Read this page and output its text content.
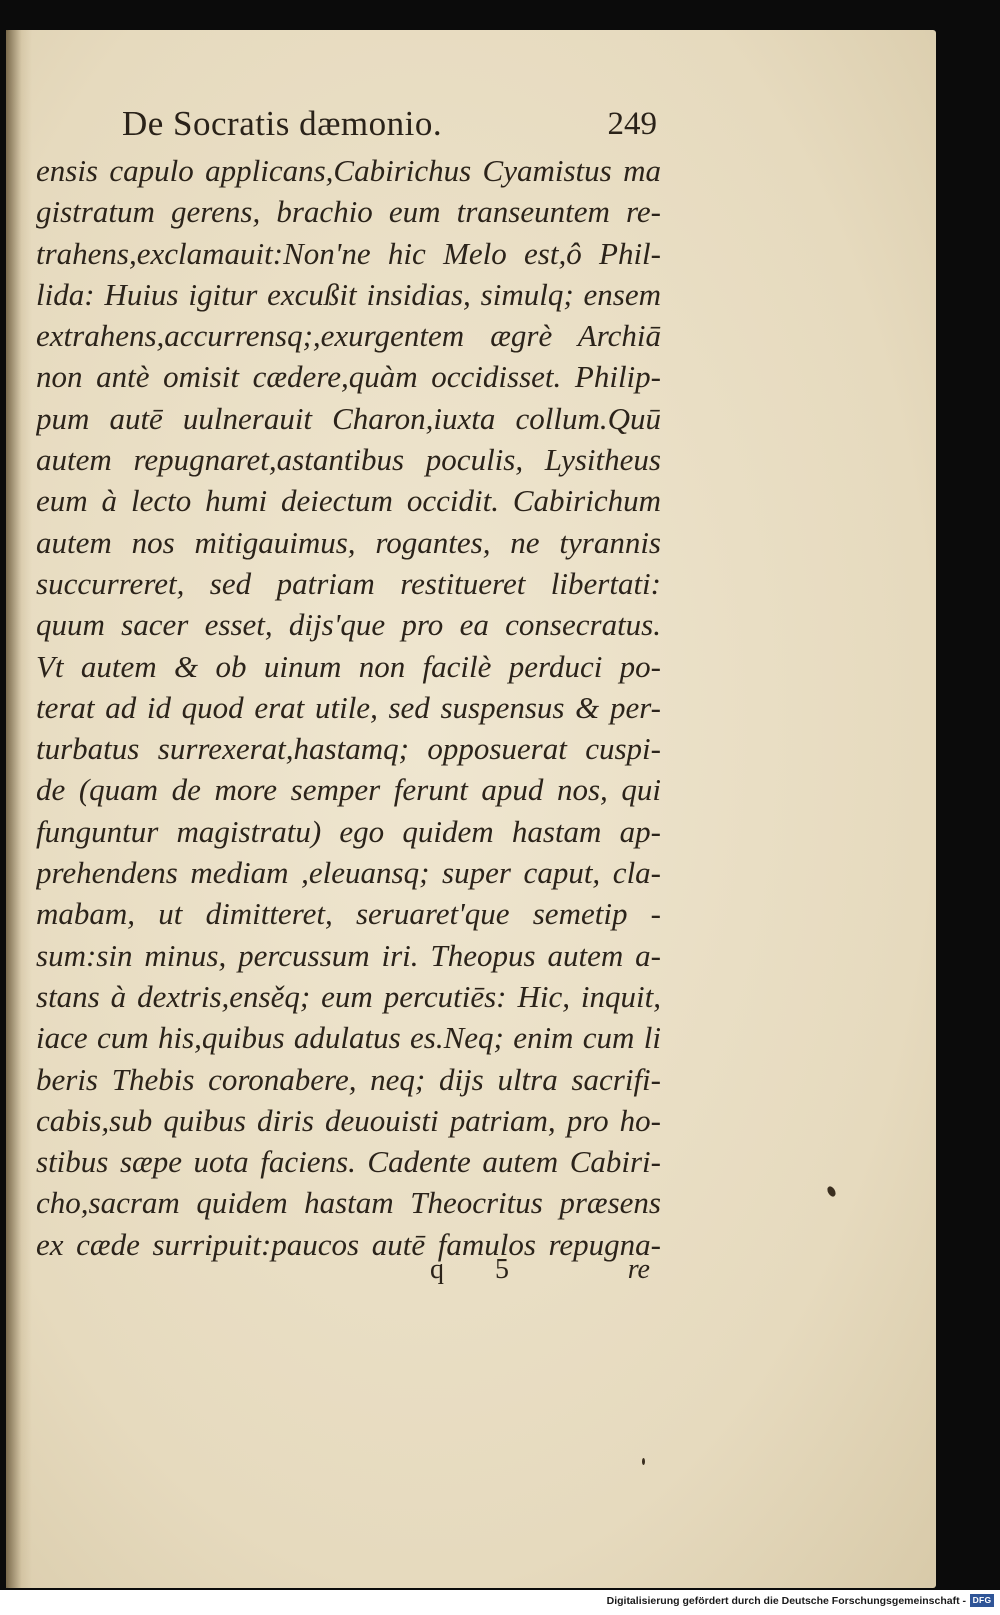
De Socratis dæmonio.	249
ensis capulo applicans,Cabirichus Cyamistus ma
gistratum gerens, brachio eum transeuntem re-
trahens,exclamauit:Non'ne hic Melo est,ô Phil-
lida: Huius igitur excußit insidias, simulq; ensem
extrahens,accurrensq;,exurgentem ægrè Archiā
non antè omisit cædere,quàm occidisset. Philip-
pum autē uulnerauit Charon,iuxta collum.Quū
autem repugnaret,astantibus poculis, Lysitheus
eum à lecto humi deiectum occidit. Cabirichum
autem nos mitigauimus, rogantes, ne tyrannis
succurreret, sed patriam restitueret libertati:
quum sacer esset, dijs'que pro ea consecratus.
Vt autem & ob uinum non facilè perduci po-
terat ad id quod erat utile, sed suspensus & per-
turbatus surrexerat,hastamq; opposuerat cuspi-
de (quam de more semper ferunt apud nos, qui
funguntur magistratu) ego quidem hastam ap-
prehendens mediam ,eleuansq; super caput, cla-
mabam, ut dimitteret, seruaret'que semetip -
sum:sin minus, percussum iri. Theopus autem a-
stans à dextris,ensěq; eum percutiēs: Hic, inquit,
iace cum his,quibus adulatus es.Neq; enim cum li
beris Thebis coronabere, neq; dijs ultra sacrifi-
cabis,sub quibus diris deuouisti patriam, pro ho-
stibus sæpe uota faciens. Cadente autem Cabiri-
cho,sacram quidem hastam Theocritus præsens
ex cæde surripuit:paucos autē famulos repugna-
q 5	re
Digitalisierung gefördert durch die Deutsche Forschungsgemeinschaft - DFG
